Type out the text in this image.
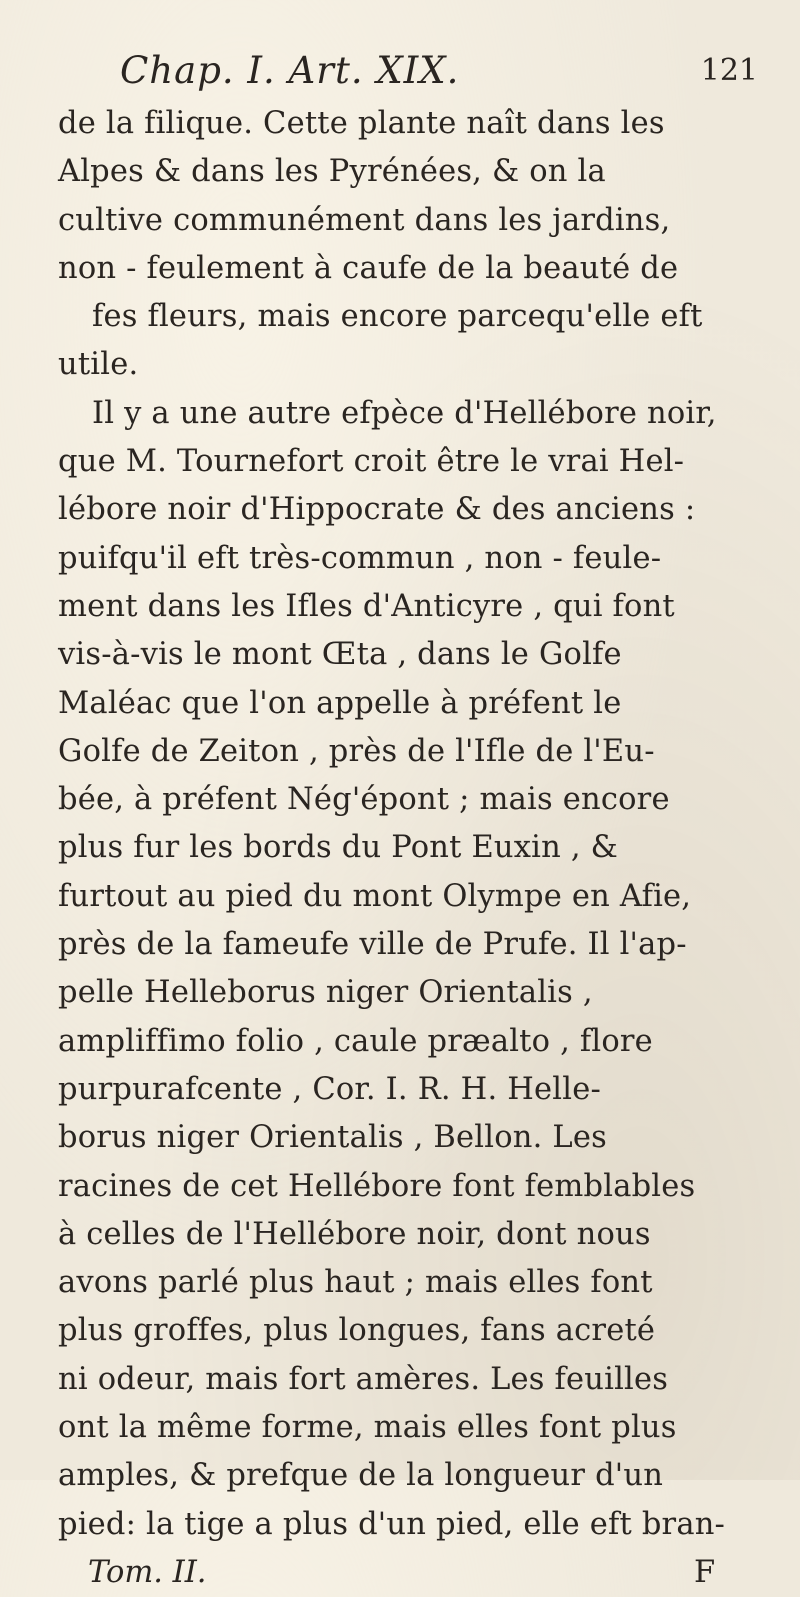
Chap. I. Art. XIX.	121
de la filique. Cette plante naît dans les
Alpes & dans les Pyrénées, & on la
cultive communément dans les jardins,
non - feulement à caufe de la beauté de
fes fleurs, mais encore parcequ'elle eft
utile.
Il y a une autre efpèce d'Hellébore noir,
que M. Tournefort croit être le vrai Hel-
lébore noir d'Hippocrate & des anciens :
puifqu'il eft très-commun , non - feule-
ment dans les Ifles d'Anticyre , qui font
vis-à-vis le mont Œta , dans le Golfe
Maléac que l'on appelle à préfent le
Golfe de Zeiton , près de l'Ifle de l'Eu-
bée, à préfent Nég'épont ; mais encore
plus fur les bords du Pont Euxin , &
furtout au pied du mont Olympe en Afie,
près de la fameufe ville de Prufe. Il l'ap-
pelle Helleborus niger Orientalis ,
ampliffimo folio , caule præalto , flore
purpurafcente , Cor. I. R. H. Helle-
borus niger Orientalis , Bellon. Les
racines de cet Hellébore font femblables
à celles de l'Hellébore noir, dont nous
avons parlé plus haut ; mais elles font
plus groffes, plus longues, fans acreté
ni odeur, mais fort amères. Les feuilles
ont la même forme, mais elles font plus
amples, & prefque de la longueur d'un
pied: la tige a plus d'un pied, elle eft bran-
Tom. II.	F
